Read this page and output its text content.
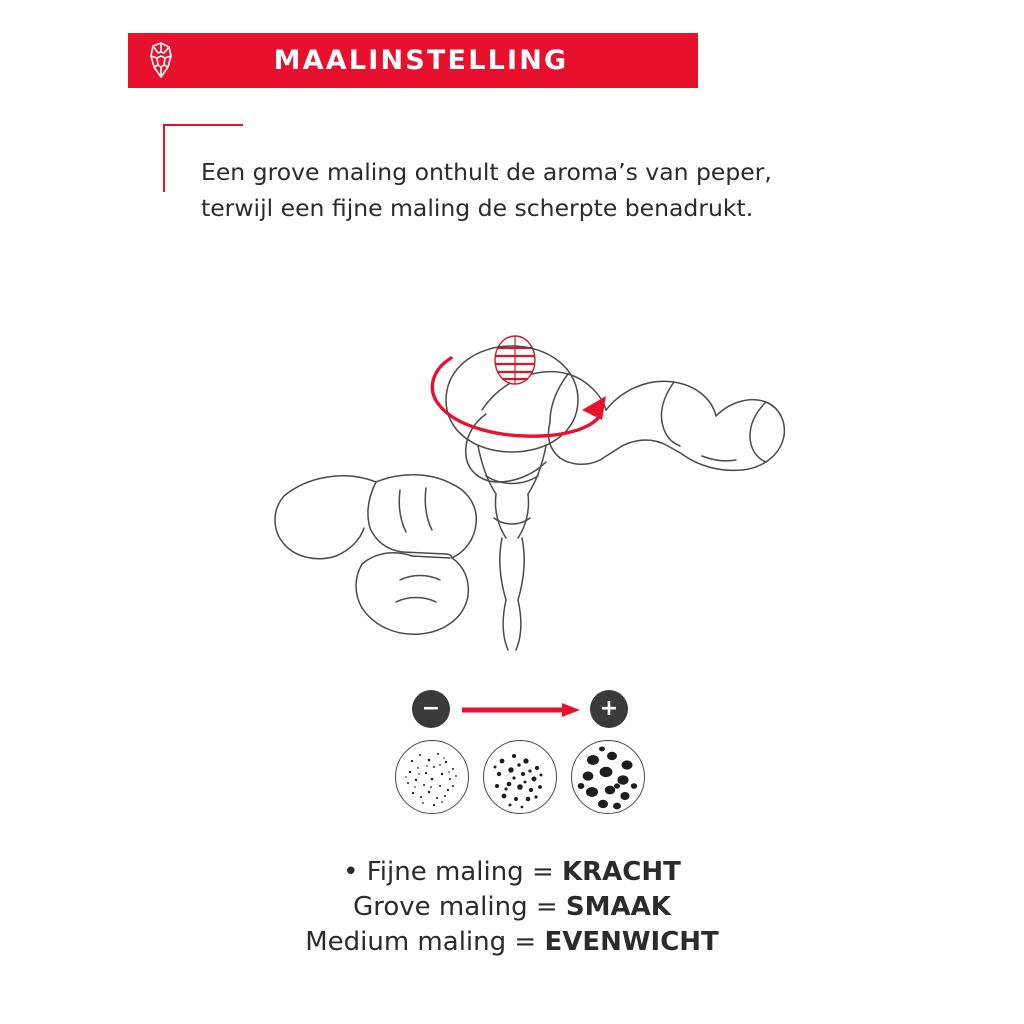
MAALINSTELLING
Een grove maling onthult de aroma’s van peper,
terwijl een fijne maling de scherpte benadrukt.
−	+
• Fijne maling = KRACHT
Grove maling = SMAAK
Medium maling = EVENWICHT
